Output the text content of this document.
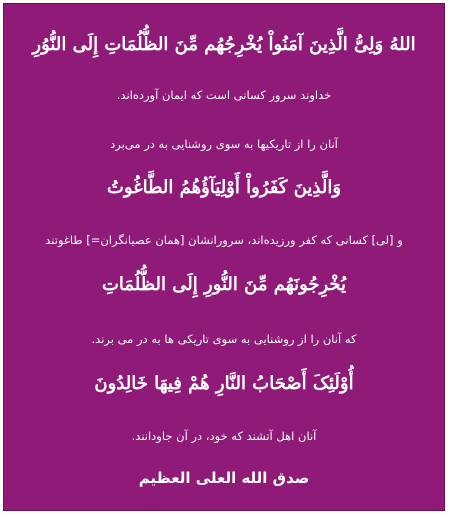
اللهُ وَلِیُّ الَّذِینَ آمَنُواْ یُخْرِجُهُم مِّنَ الظُّلُمَاتِ إِلَی النُّوُرِ
خداوند سرور کسانی است که ایمان آورده‌اند.
آنان را از تاریکیها به سوی روشنایی به در می‌برد
وَالَّذِینَ کَفَرُواْ أَوْلِیَآؤُهُمُ الطَّاغُوتُ
و [لی] کسانی که کفر ورزیده‌اند، سرورانشان [همان عصیانگران=] طاغوتند
یُخْرِجُونَهُم مِّنَ النُّورِ إِلَی الظُّلُمَاتِ
که آنان را از روشنایی به سوی تاریکی ها به در می برند.
أُوْلَئِکَ أَصْحَابُ النَّارِ هُمْ فِیهَا خَالِدُونَ
آنان اهل آتشند که خود، در آن جاودانند.
صدق الله العلی العظیم
